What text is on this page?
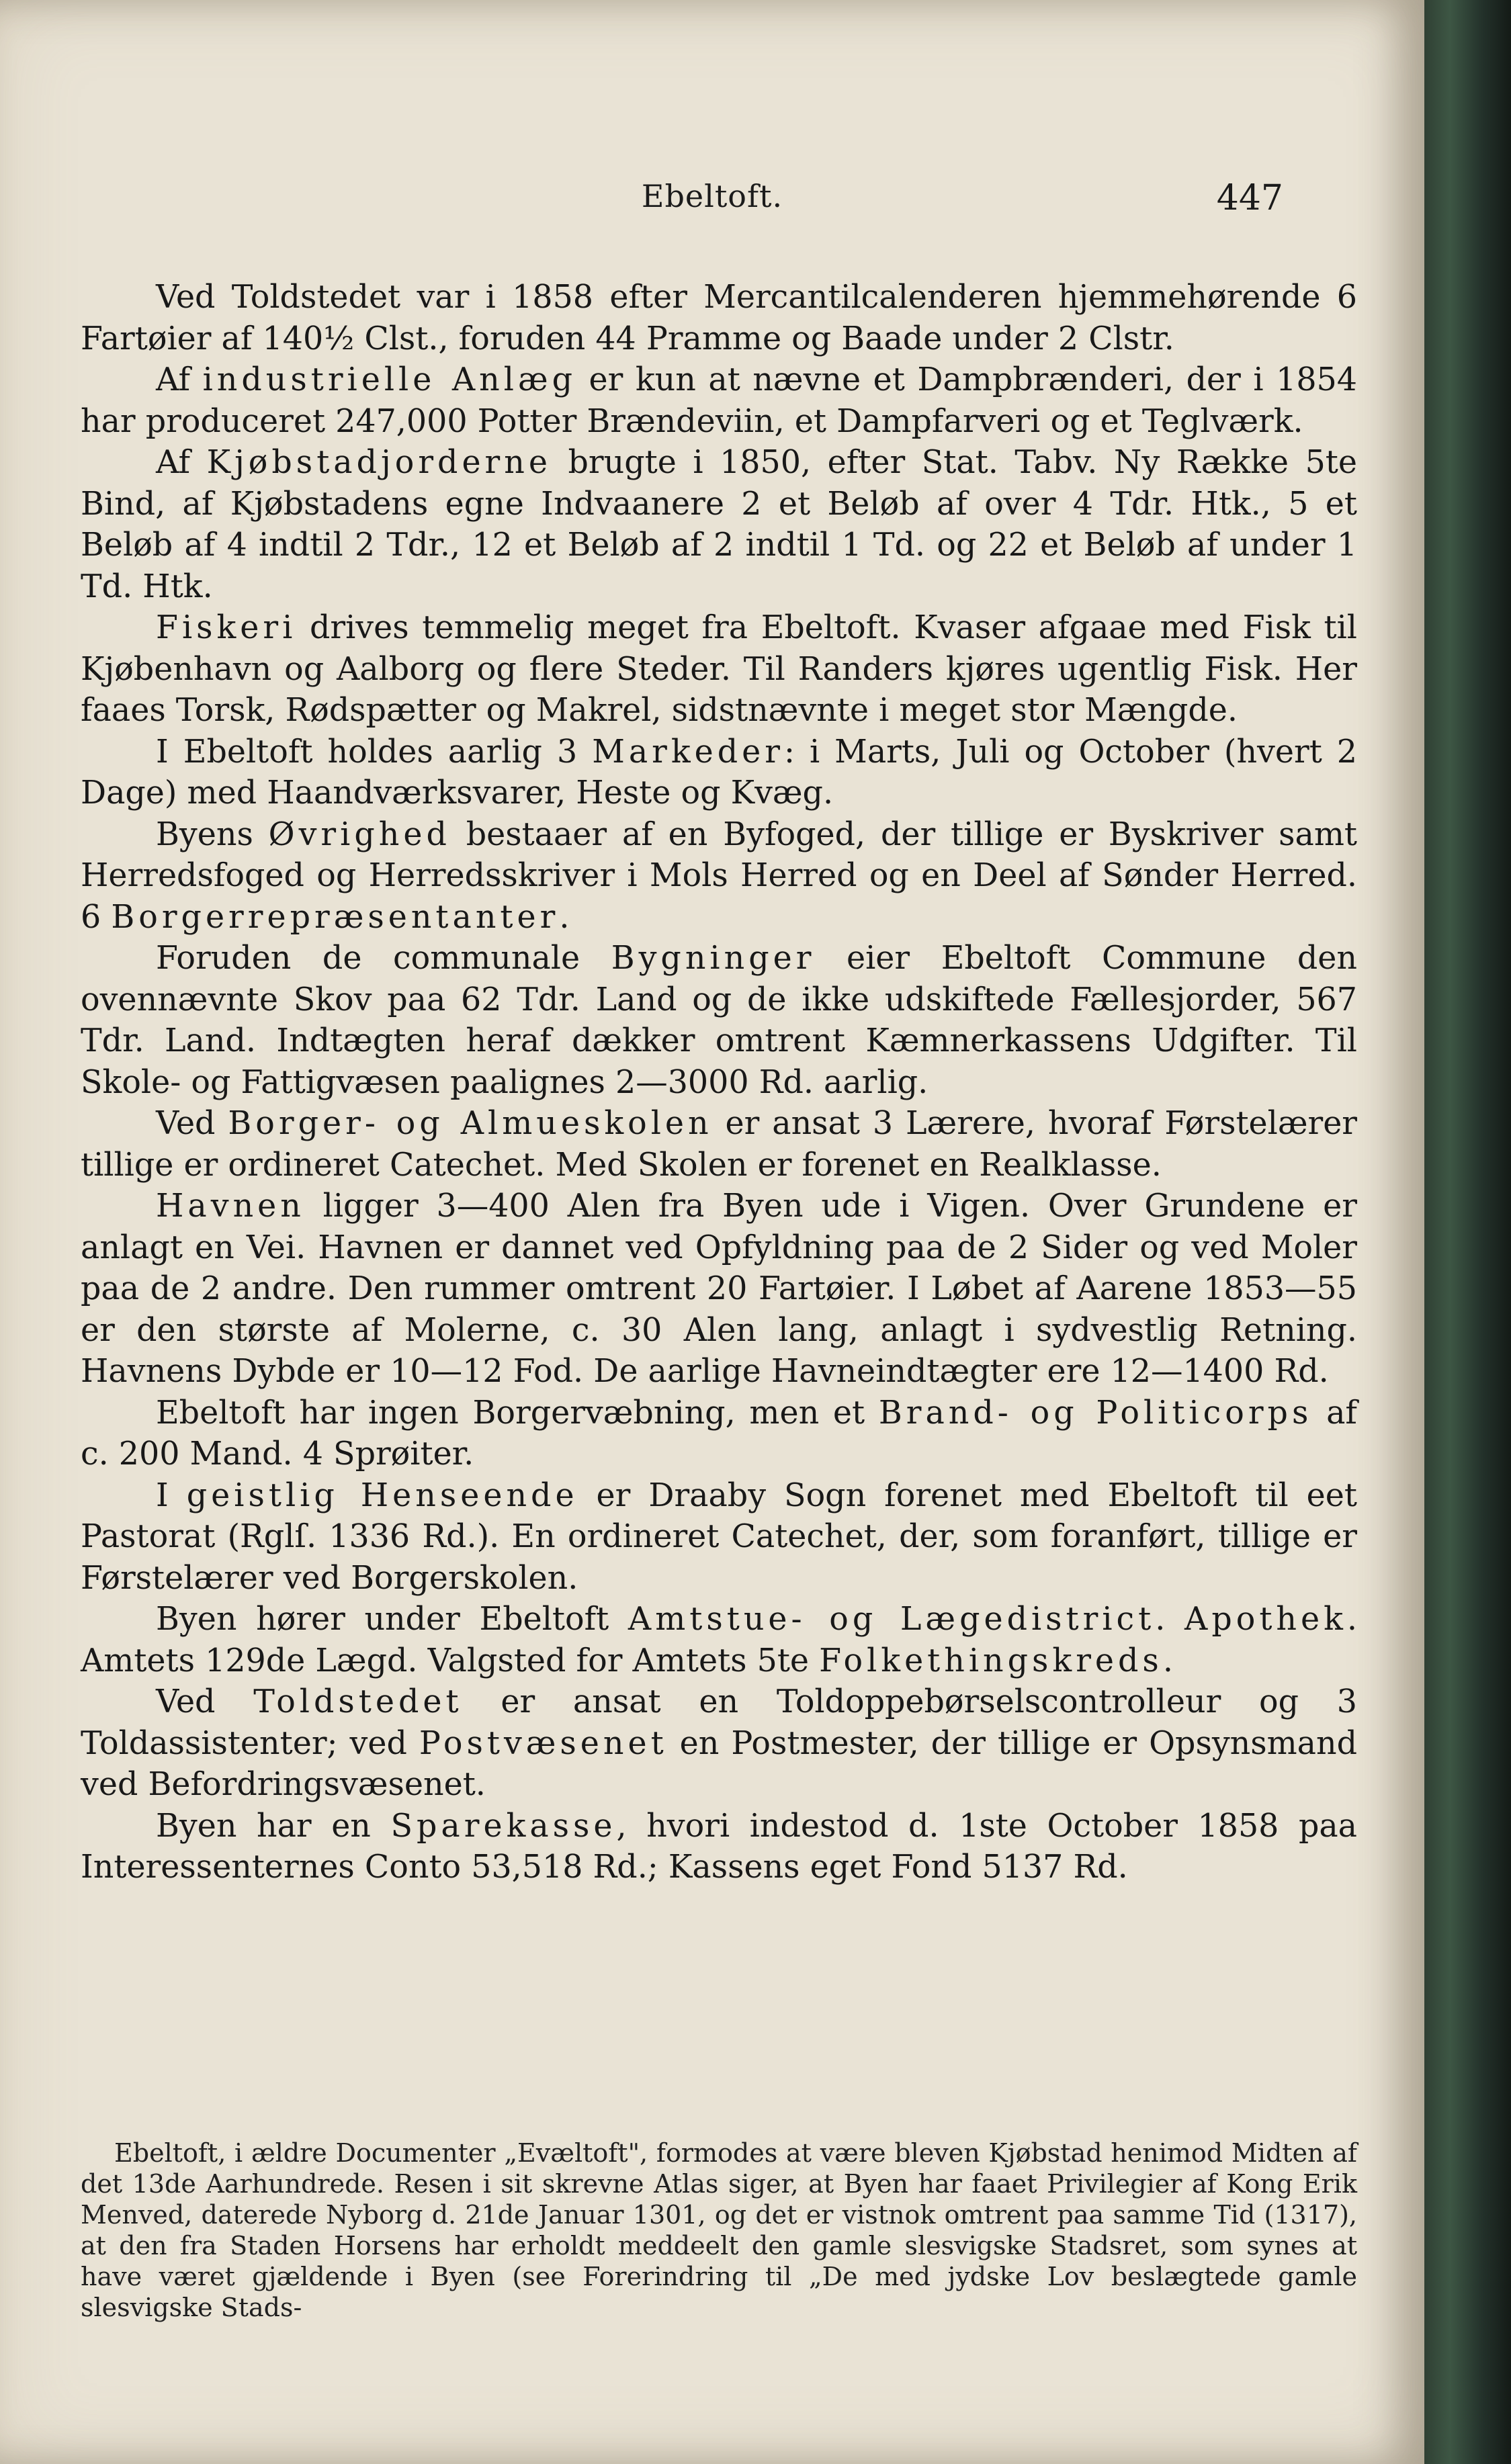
Ebeltoft.	447

Ved Toldstedet var i 1858 efter Mercantilcalenderen hjemmehørende 6 Fartøier af 140½ Clst., foruden 44 Pramme og Baade under 2 Clstr.

Af industrielle Anlæg er kun at nævne et Dampbrænderi, der i 1854 har produceret 247,000 Potter Brændeviin, et Dampfarveri og et Teglværk.

Af Kjøbstadjorderne brugte i 1850, efter Stat. Tabv. Ny Række 5te Bind, af Kjøbstadens egne Indvaanere 2 et Beløb af over 4 Tdr. Htk., 5 et Beløb af 4 indtil 2 Tdr., 12 et Beløb af 2 indtil 1 Td. og 22 et Beløb af under 1 Td. Htk.

Fiskeri drives temmelig meget fra Ebeltoft. Kvaser afgaae med Fisk til Kjøbenhavn og Aalborg og flere Steder. Til Randers kjøres ugentlig Fisk. Her faaes Torsk, Rødspætter og Makrel, sidstnævnte i meget stor Mængde.

I Ebeltoft holdes aarlig 3 Markeder: i Marts, Juli og October (hvert 2 Dage) med Haandværksvarer, Heste og Kvæg.

Byens Øvrighed bestaaer af en Byfoged, der tillige er Byskriver samt Herredsfoged og Herredsskriver i Mols Herred og en Deel af Sønder Herred. 6 Borgerrepræsentanter.

Foruden de communale Bygninger eier Ebeltoft Commune den ovennævnte Skov paa 62 Tdr. Land og de ikke udskiftede Fællesjorder, 567 Tdr. Land. Indtægten heraf dækker omtrent Kæmnerkassens Udgifter. Til Skole- og Fattigvæsen paalignes 2—3000 Rd. aarlig.

Ved Borger- og Almueskolen er ansat 3 Lærere, hvoraf Førstelærer tillige er ordineret Catechet. Med Skolen er forenet en Realklasse.

Havnen ligger 3—400 Alen fra Byen ude i Vigen. Over Grundene er anlagt en Vei. Havnen er dannet ved Opfyldning paa de 2 Sider og ved Moler paa de 2 andre. Den rummer omtrent 20 Fartøier. I Løbet af Aarene 1853—55 er den største af Molerne, c. 30 Alen lang, anlagt i sydvestlig Retning. Havnens Dybde er 10—12 Fod. De aarlige Havneindtægter ere 12—1400 Rd.

Ebeltoft har ingen Borgervæbning, men et Brand- og Politicorps af c. 200 Mand. 4 Sprøiter.

I geistlig Henseende er Draaby Sogn forenet med Ebeltoft til eet Pastorat (Rglſ. 1336 Rd.). En ordineret Catechet, der, som foranført, tillige er Førstelærer ved Borgerskolen.

Byen hører under Ebeltoft Amtstue- og Lægedistrict. Apothek. Amtets 129de Lægd. Valgsted for Amtets 5te Folkethingskreds.

Ved Toldstedet er ansat en Toldoppebørselscontrolleur og 3 Toldassistenter; ved Postvæsenet en Postmester, der tillige er Opsynsmand ved Befordringsvæsenet.

Byen har en Sparekasse, hvori indestod d. 1ste October 1858 paa Interessenternes Conto 53,518 Rd.; Kassens eget Fond 5137 Rd.

Ebeltoft, i ældre Documenter „Evæltoft", formodes at være bleven Kjøbstad henimod Midten af det 13de Aarhundrede. Resen i sit skrevne Atlas siger, at Byen har faaet Privilegier af Kong Erik Menved, daterede Nyborg d. 21de Januar 1301, og det er vistnok omtrent paa samme Tid (1317), at den fra Staden Horsens har erholdt meddeelt den gamle slesvigske Stadsret, som synes at have været gjældende i Byen (see Forerindring til „De med jydske Lov beslægtede gamle slesvigske Stads-
